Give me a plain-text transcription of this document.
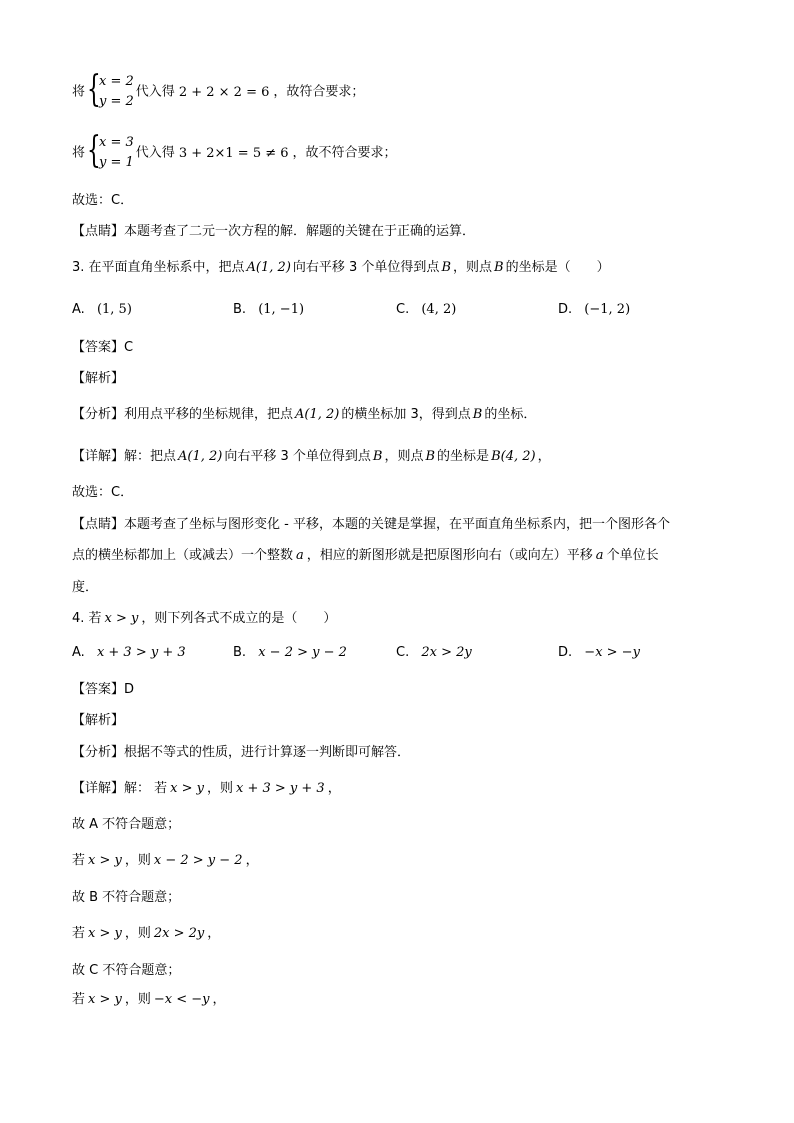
将 {
x = 2
y = 2
代入得 2 + 2 × 2 = 6 ，故符合要求；
将 {
x = 3
y = 1
代入得 3 + 2×1 = 5 ≠ 6 ，故不符合要求；
故选：C．
【点睛】本题考查了二元一次方程的解．解题的关键在于正确的运算．
3. 在平面直角坐标系中，把点 A(1, 2) 向右平移 3 个单位得到点 B ，则点 B 的坐标是（　　）
A. (1, 5)	B. (1, −1)	C. (4, 2)	D. (−1, 2)
【答案】C
【解析】
【分析】利用点平移的坐标规律，把点 A(1, 2) 的横坐标加 3，得到点 B 的坐标．
【详解】解：把点 A(1, 2) 向右平移 3 个单位得到点 B ，则点 B 的坐标是 B(4, 2) ，
故选：C．
【点睛】本题考查了坐标与图形变化 - 平移，本题的关键是掌握，在平面直角坐标系内，把一个图形各个
点的横坐标都加上（或减去）一个整数 a ，相应的新图形就是把原图形向右（或向左）平移 a 个单位长
度．
4. 若 x > y ，则下列各式不成立的是（　　）
A. x + 3 > y + 3	B. x − 2 > y − 2	C. 2x > 2y	D. −x > −y
【答案】D
【解析】
【分析】根据不等式的性质，进行计算逐一判断即可解答．
【详解】解： 若 x > y ，则 x + 3 > y + 3 ，
故 A 不符合题意；
若 x > y ，则 x − 2 > y − 2 ，
故 B 不符合题意；
若 x > y ，则 2x > 2y ，
故 C 不符合题意；
若 x > y ，则 −x < −y ，
